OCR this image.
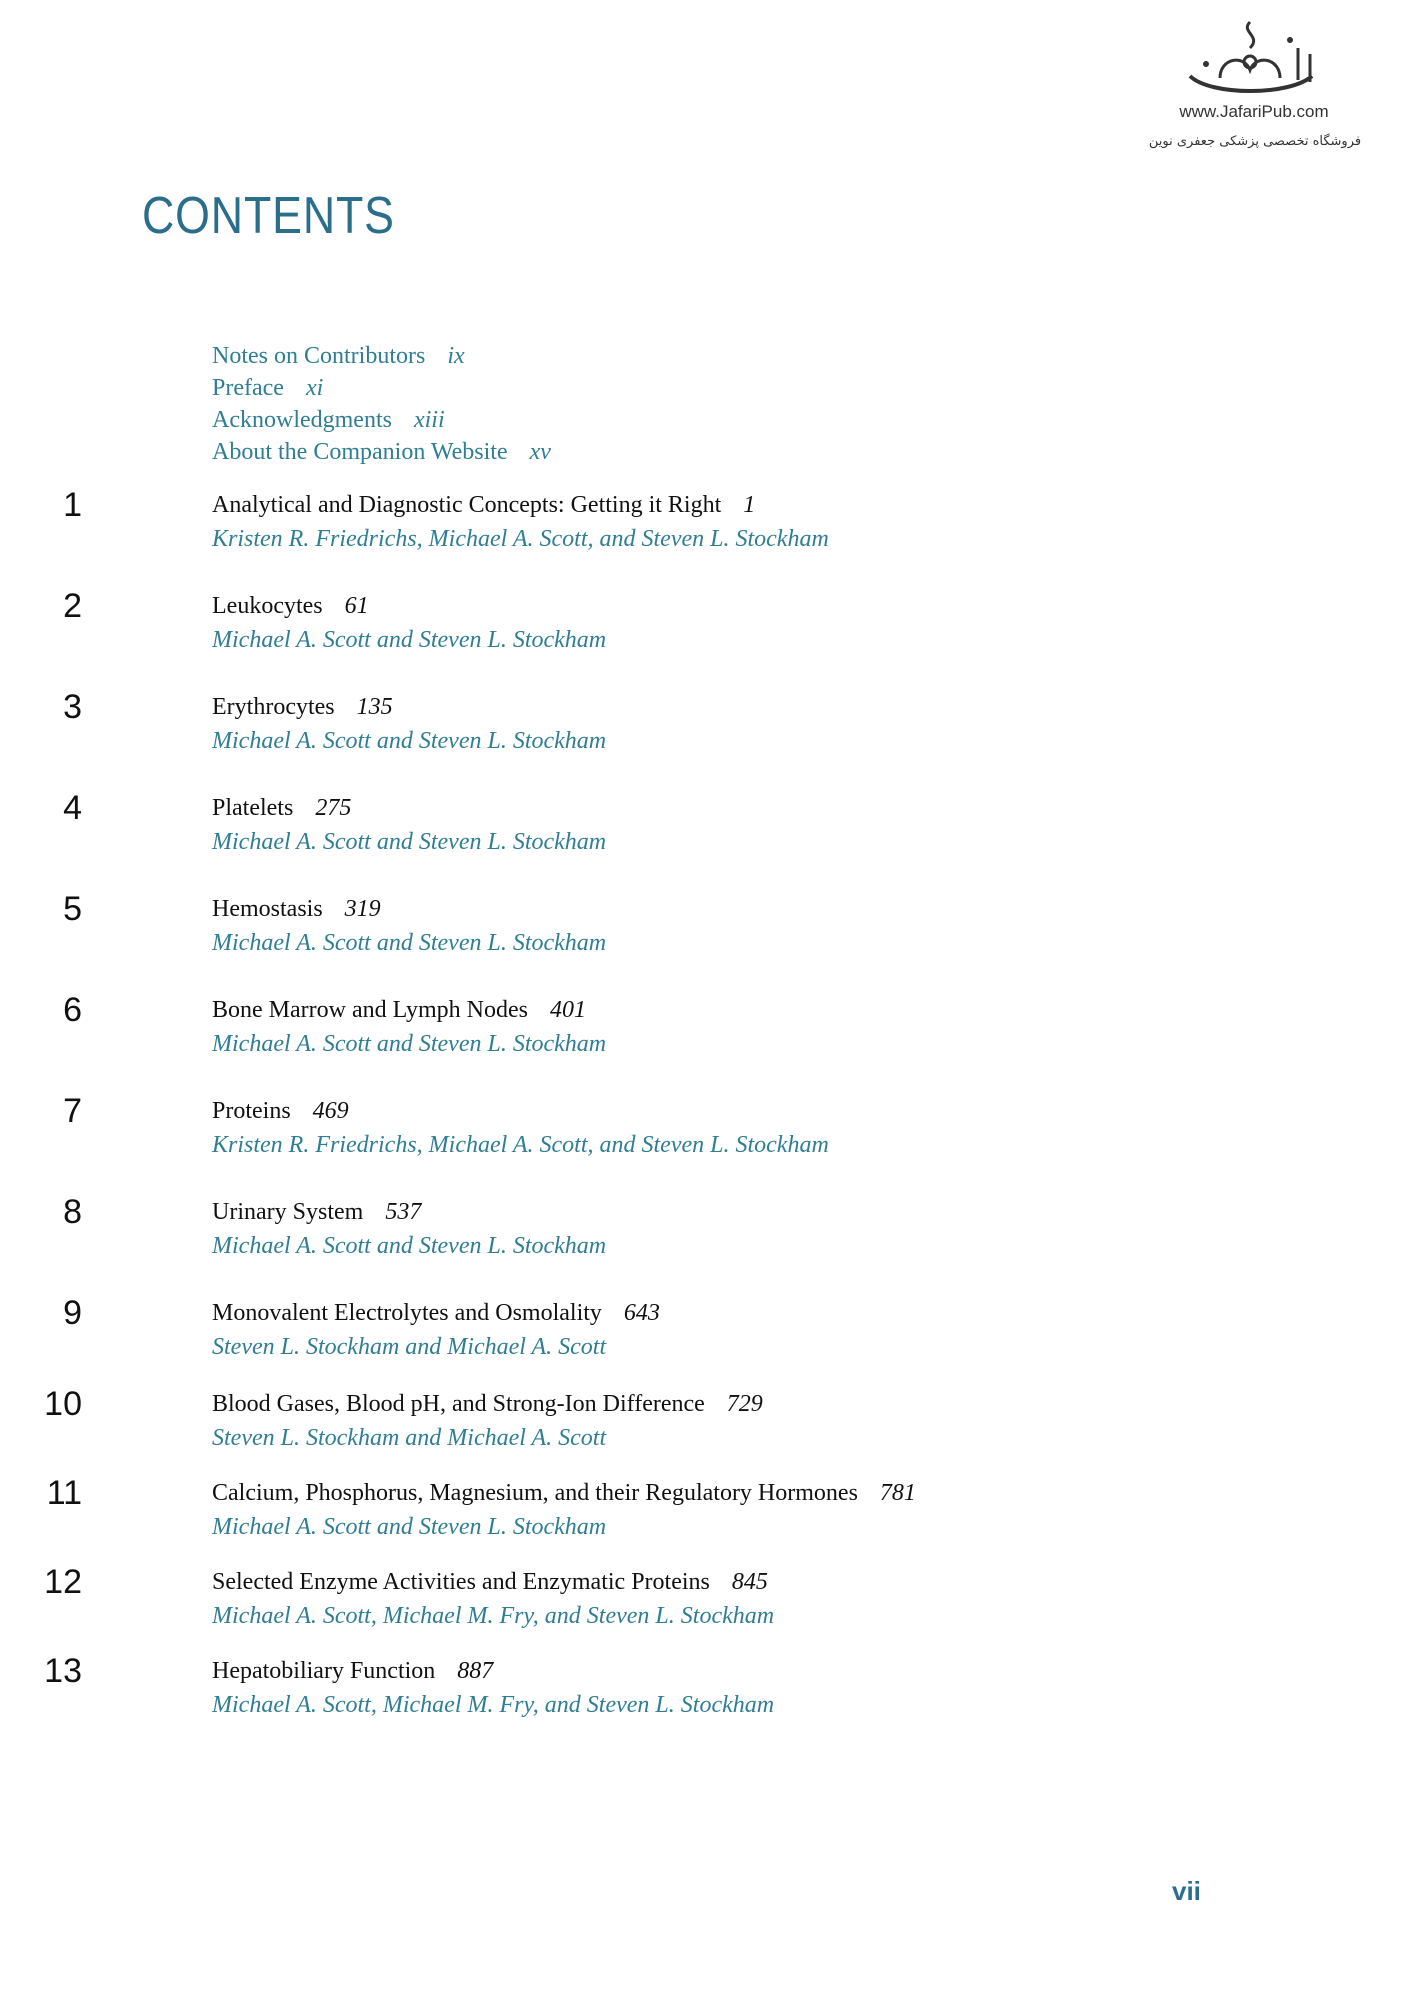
www.JafariPub.com
فروشگاه تخصصی پزشکی جعفری نوین
CONTENTS
Notes on Contributors ix
Preface xi
Acknowledgments xiii
About the Companion Website xv
1	Analytical and Diagnostic Concepts: Getting it Right 1
Kristen R. Friedrichs, Michael A. Scott, and Steven L. Stockham
2	Leukocytes 61
Michael A. Scott and Steven L. Stockham
3	Erythrocytes 135
Michael A. Scott and Steven L. Stockham
4	Platelets 275
Michael A. Scott and Steven L. Stockham
5	Hemostasis 319
Michael A. Scott and Steven L. Stockham
6	Bone Marrow and Lymph Nodes 401
Michael A. Scott and Steven L. Stockham
7	Proteins 469
Kristen R. Friedrichs, Michael A. Scott, and Steven L. Stockham
8	Urinary System 537
Michael A. Scott and Steven L. Stockham
9	Monovalent Electrolytes and Osmolality 643
Steven L. Stockham and Michael A. Scott
10	Blood Gases, Blood pH, and Strong-Ion Difference 729
Steven L. Stockham and Michael A. Scott
11	Calcium, Phosphorus, Magnesium, and their Regulatory Hormones 781
Michael A. Scott and Steven L. Stockham
12	Selected Enzyme Activities and Enzymatic Proteins 845
Michael A. Scott, Michael M. Fry, and Steven L. Stockham
13	Hepatobiliary Function 887
Michael A. Scott, Michael M. Fry, and Steven L. Stockham
vii
